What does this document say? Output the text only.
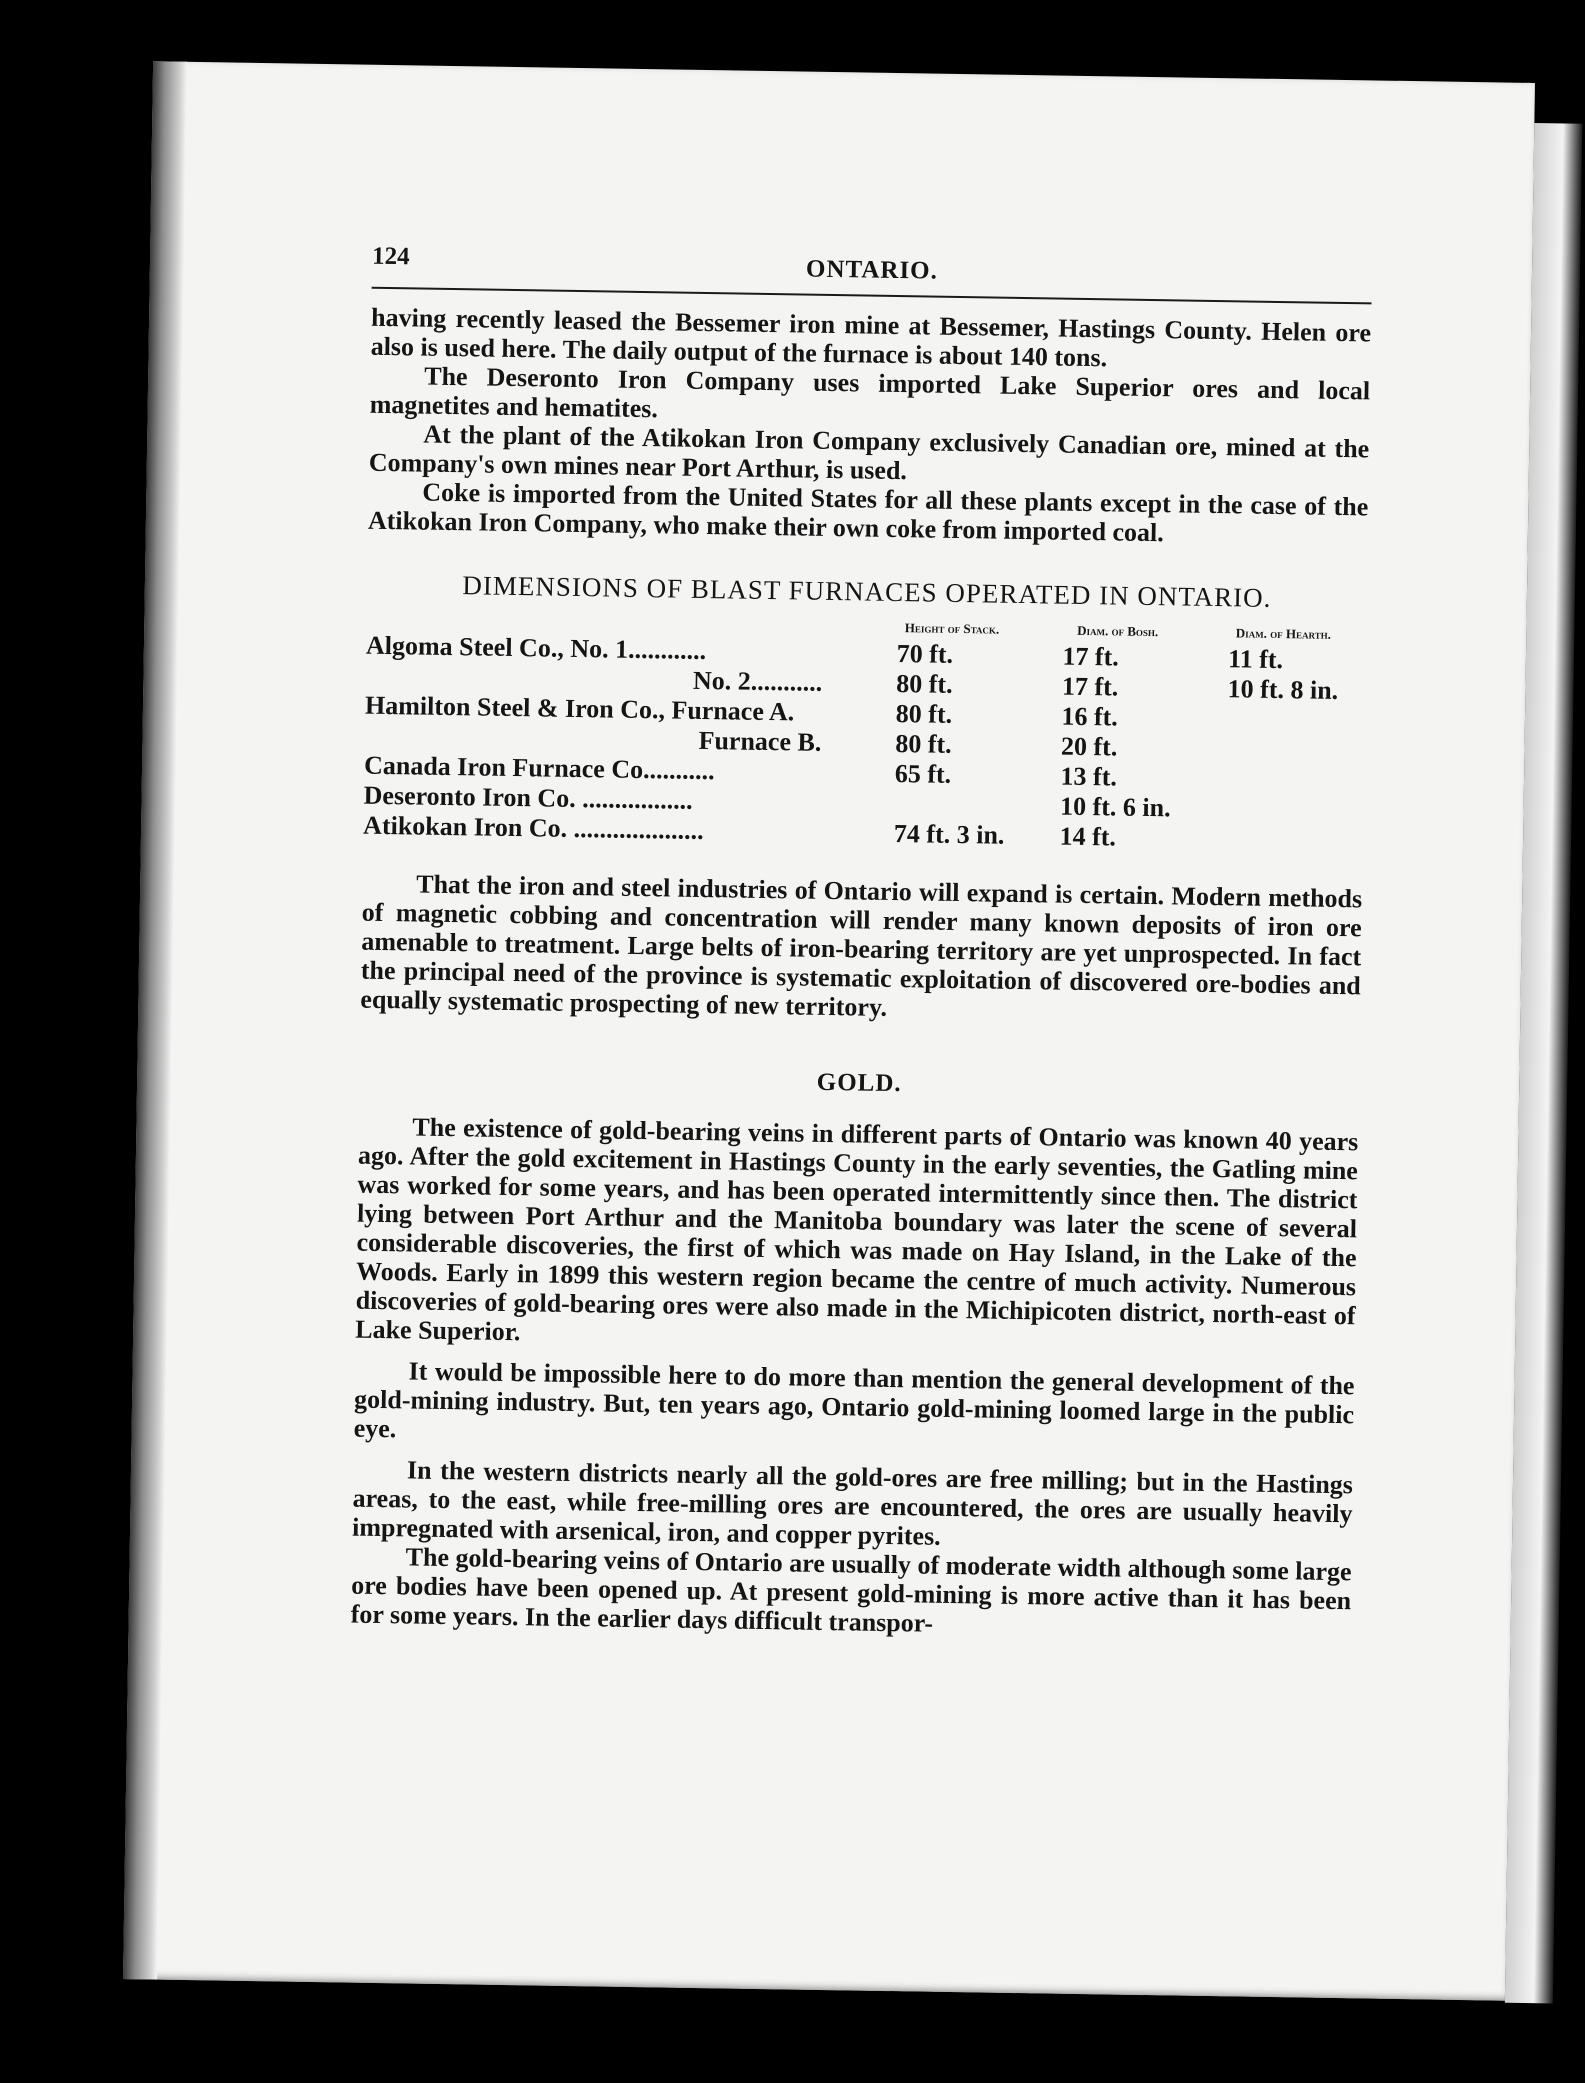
124	ONTARIO.

having recently leased the Bessemer iron mine at Bessemer, Hastings County. Helen ore also is used here. The daily output of the furnace is about 140 tons.

The Deseronto Iron Company uses imported Lake Superior ores and local magnetites and hematites.

At the plant of the Atikokan Iron Company exclusively Canadian ore, mined at the Company's own mines near Port Arthur, is used.

Coke is imported from the United States for all these plants except in the case of the Atikokan Iron Company, who make their own coke from imported coal.

DIMENSIONS OF BLAST FURNACES OPERATED IN ONTARIO.
	Height of Stack.	Diam. of Bosh.	Diam. of Hearth.
Algoma Steel Co., No. 1............	70 ft.	17 ft.	11 ft.
No. 2...........	80 ft.	17 ft.	10 ft. 8 in.
Hamilton Steel & Iron Co., Furnace A.	80 ft.	16 ft.	
Furnace B.	80 ft.	20 ft.	
Canada Iron Furnace Co...........	65 ft.	13 ft.	
Deseronto Iron Co. .................		10 ft. 6 in.	
Atikokan Iron Co. ....................	74 ft. 3 in.	14 ft.	

That the iron and steel industries of Ontario will expand is certain. Modern methods of magnetic cobbing and concentration will render many known deposits of iron ore amenable to treatment. Large belts of iron-bearing territory are yet unprospected. In fact the principal need of the province is systematic exploitation of discovered ore-bodies and equally systematic prospecting of new territory.

GOLD.

The existence of gold-bearing veins in different parts of Ontario was known 40 years ago. After the gold excitement in Hastings County in the early seventies, the Gatling mine was worked for some years, and has been operated intermittently since then. The district lying between Port Arthur and the Manitoba boundary was later the scene of several considerable discoveries, the first of which was made on Hay Island, in the Lake of the Woods. Early in 1899 this western region became the centre of much activity. Numerous discoveries of gold-bearing ores were also made in the Michipicoten district, north-east of Lake Superior.

It would be impossible here to do more than mention the general development of the gold-mining industry. But, ten years ago, Ontario gold-mining loomed large in the public eye.

In the western districts nearly all the gold-ores are free milling; but in the Hastings areas, to the east, while free-milling ores are encountered, the ores are usually heavily impregnated with arsenical, iron, and copper pyrites.

The gold-bearing veins of Ontario are usually of moderate width although some large ore bodies have been opened up. At present gold-mining is more active than it has been for some years. In the earlier days difficult transpor-
